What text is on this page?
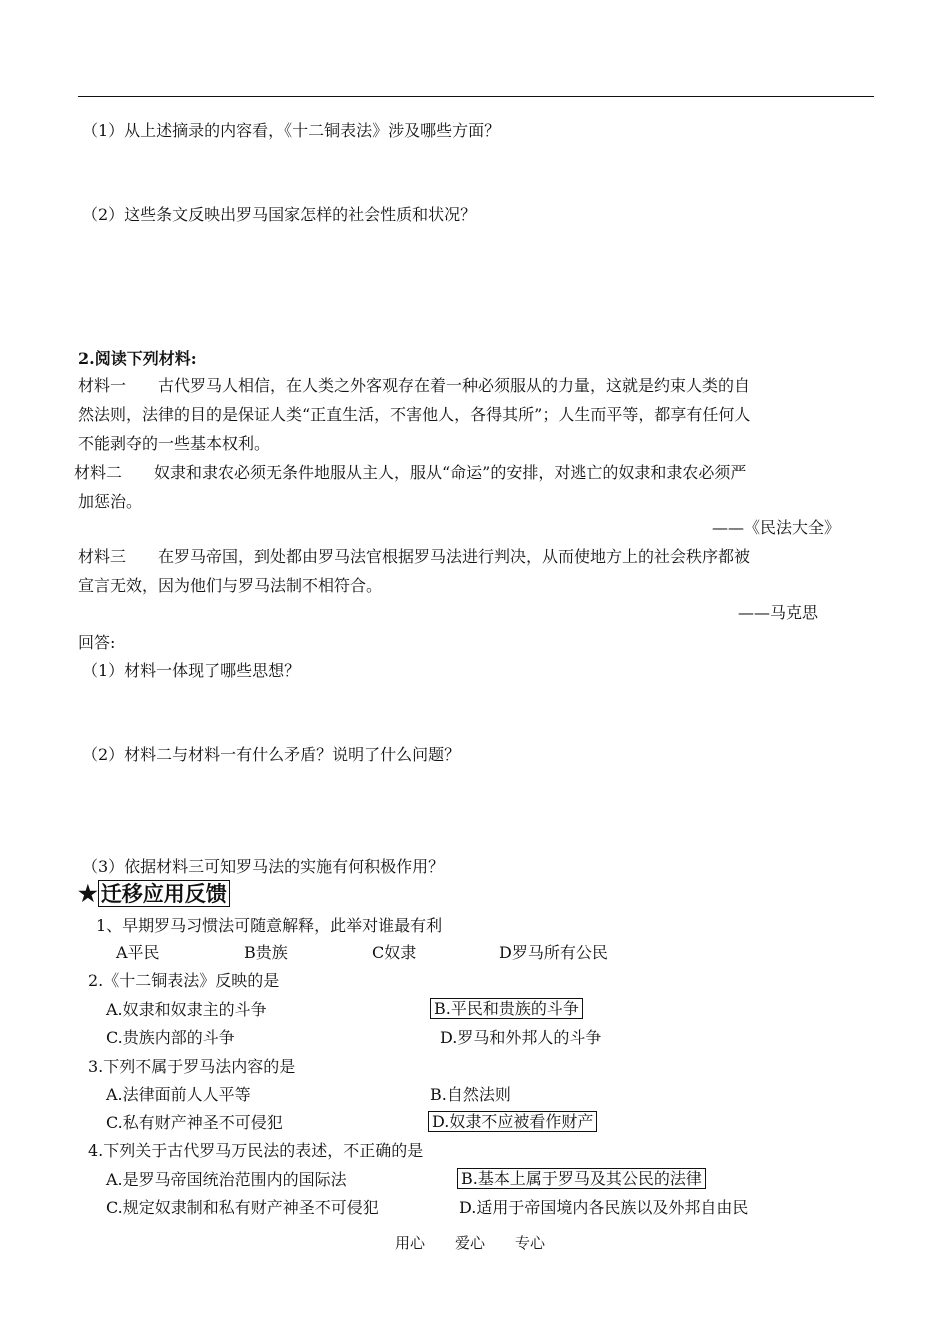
（1）从上述摘录的内容看，《十二铜表法》涉及哪些方面？
（2）这些条文反映出罗马国家怎样的社会性质和状况？
2.阅读下列材料:
材料一　　古代罗马人相信，在人类之外客观存在着一种必须服从的力量，这就是约束人类的自
然法则，法律的目的是保证人类“正直生活，不害他人，各得其所”；人生而平等，都享有任何人
不能剥夺的一些基本权利。
材料二　　奴隶和隶农必须无条件地服从主人，服从“命运”的安排，对逃亡的奴隶和隶农必须严
加惩治。
——《民法大全》
材料三　　在罗马帝国，到处都由罗马法官根据罗马法进行判决，从而使地方上的社会秩序都被
宣言无效，因为他们与罗马法制不相符合。
——马克思
回答:
（1）材料一体现了哪些思想？
（2）材料二与材料一有什么矛盾？说明了什么问题？
（3）依据材料三可知罗马法的实施有何积极作用？
★ 迁移应用反馈
1、早期罗马习惯法可随意解释，此举对谁最有利
A平民	B贵族	C奴隶	D罗马所有公民
2.《十二铜表法》反映的是
A.奴隶和奴隶主的斗争	B.平民和贵族的斗争
C.贵族内部的斗争	D.罗马和外邦人的斗争
3.下列不属于罗马法内容的是
A.法律面前人人平等	B.自然法则
C.私有财产神圣不可侵犯	D.奴隶不应被看作财产
4.下列关于古代罗马万民法的表述，不正确的是
A.是罗马帝国统治范围内的国际法	B.基本上属于罗马及其公民的法律
C.规定奴隶制和私有财产神圣不可侵犯	D.适用于帝国境内各民族以及外邦自由民
用心　　爱心　　专心
